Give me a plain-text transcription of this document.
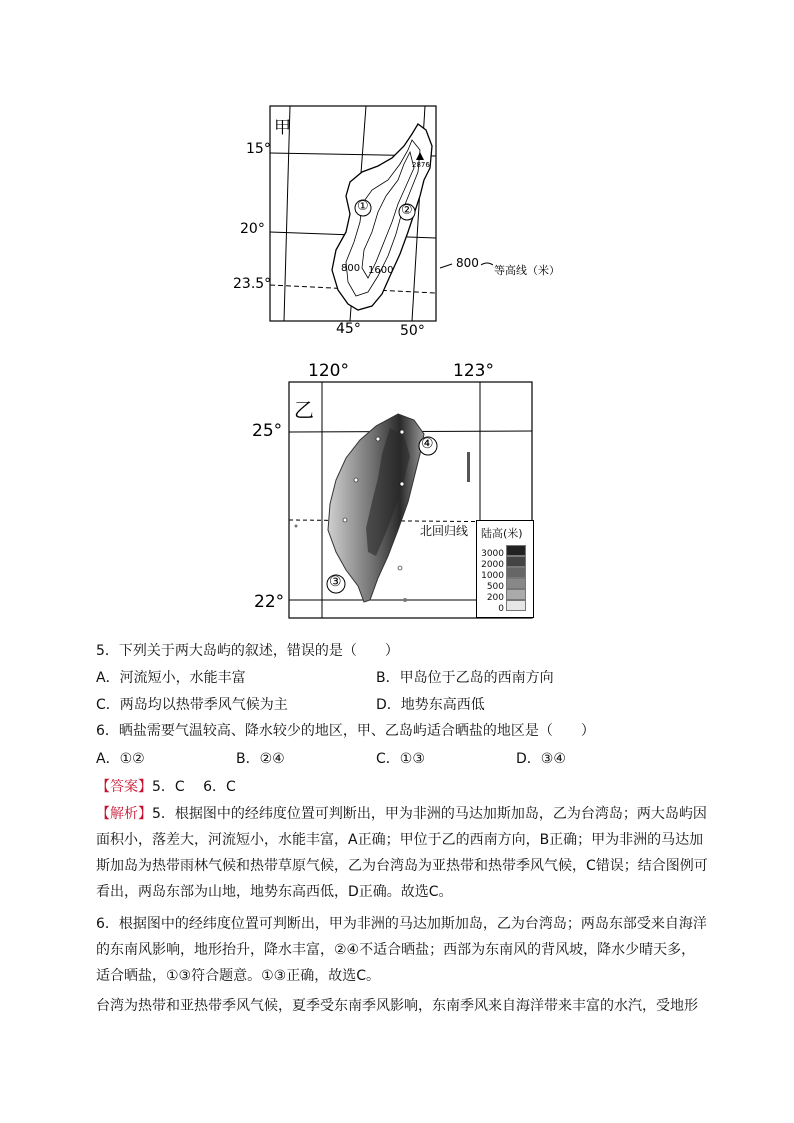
甲
15°
20°
23.5°
45°	50°
① ②
800 1600
2876
800
等高线（米）
120°	123°
25°
22°
乙
④
③
北回归线 陆高(米)
3000
2000
1000
500
200
0
5．下列关于两大岛屿的叙述，错误的是（　　）
A．河流短小，水能丰富	B．甲岛位于乙岛的西南方向
C．两岛均以热带季风气候为主	D．地势东高西低
6．晒盐需要气温较高、降水较少的地区，甲、乙岛屿适合晒盐的地区是（　　）
A．①②	B．②④	C．①③	D．③④
【答案】5．C　 6．C
【解析】5．根据图中的经纬度位置可判断出，甲为非洲的马达加斯加岛，乙为台湾岛；两大岛屿因面积小，落差大，河流短小，水能丰富，A正确；甲位于乙的西南方向，B正确；甲为非洲的马达加斯加岛为热带雨林气候和热带草原气候，乙为台湾岛为亚热带和热带季风气候，C错误；结合图例可看出，两岛东部为山地，地势东高西低，D正确。故选C。
6．根据图中的经纬度位置可判断出，甲为非洲的马达加斯加岛，乙为台湾岛；两岛东部受来自海洋的东南风影响，地形抬升，降水丰富，②④不适合晒盐；西部为东南风的背风坡，降水少晴天多，适合晒盐，①③符合题意。①③正确，故选C。
台湾为热带和亚热带季风气候，夏季受东南季风影响，东南季风来自海洋带来丰富的水汽，受地形
